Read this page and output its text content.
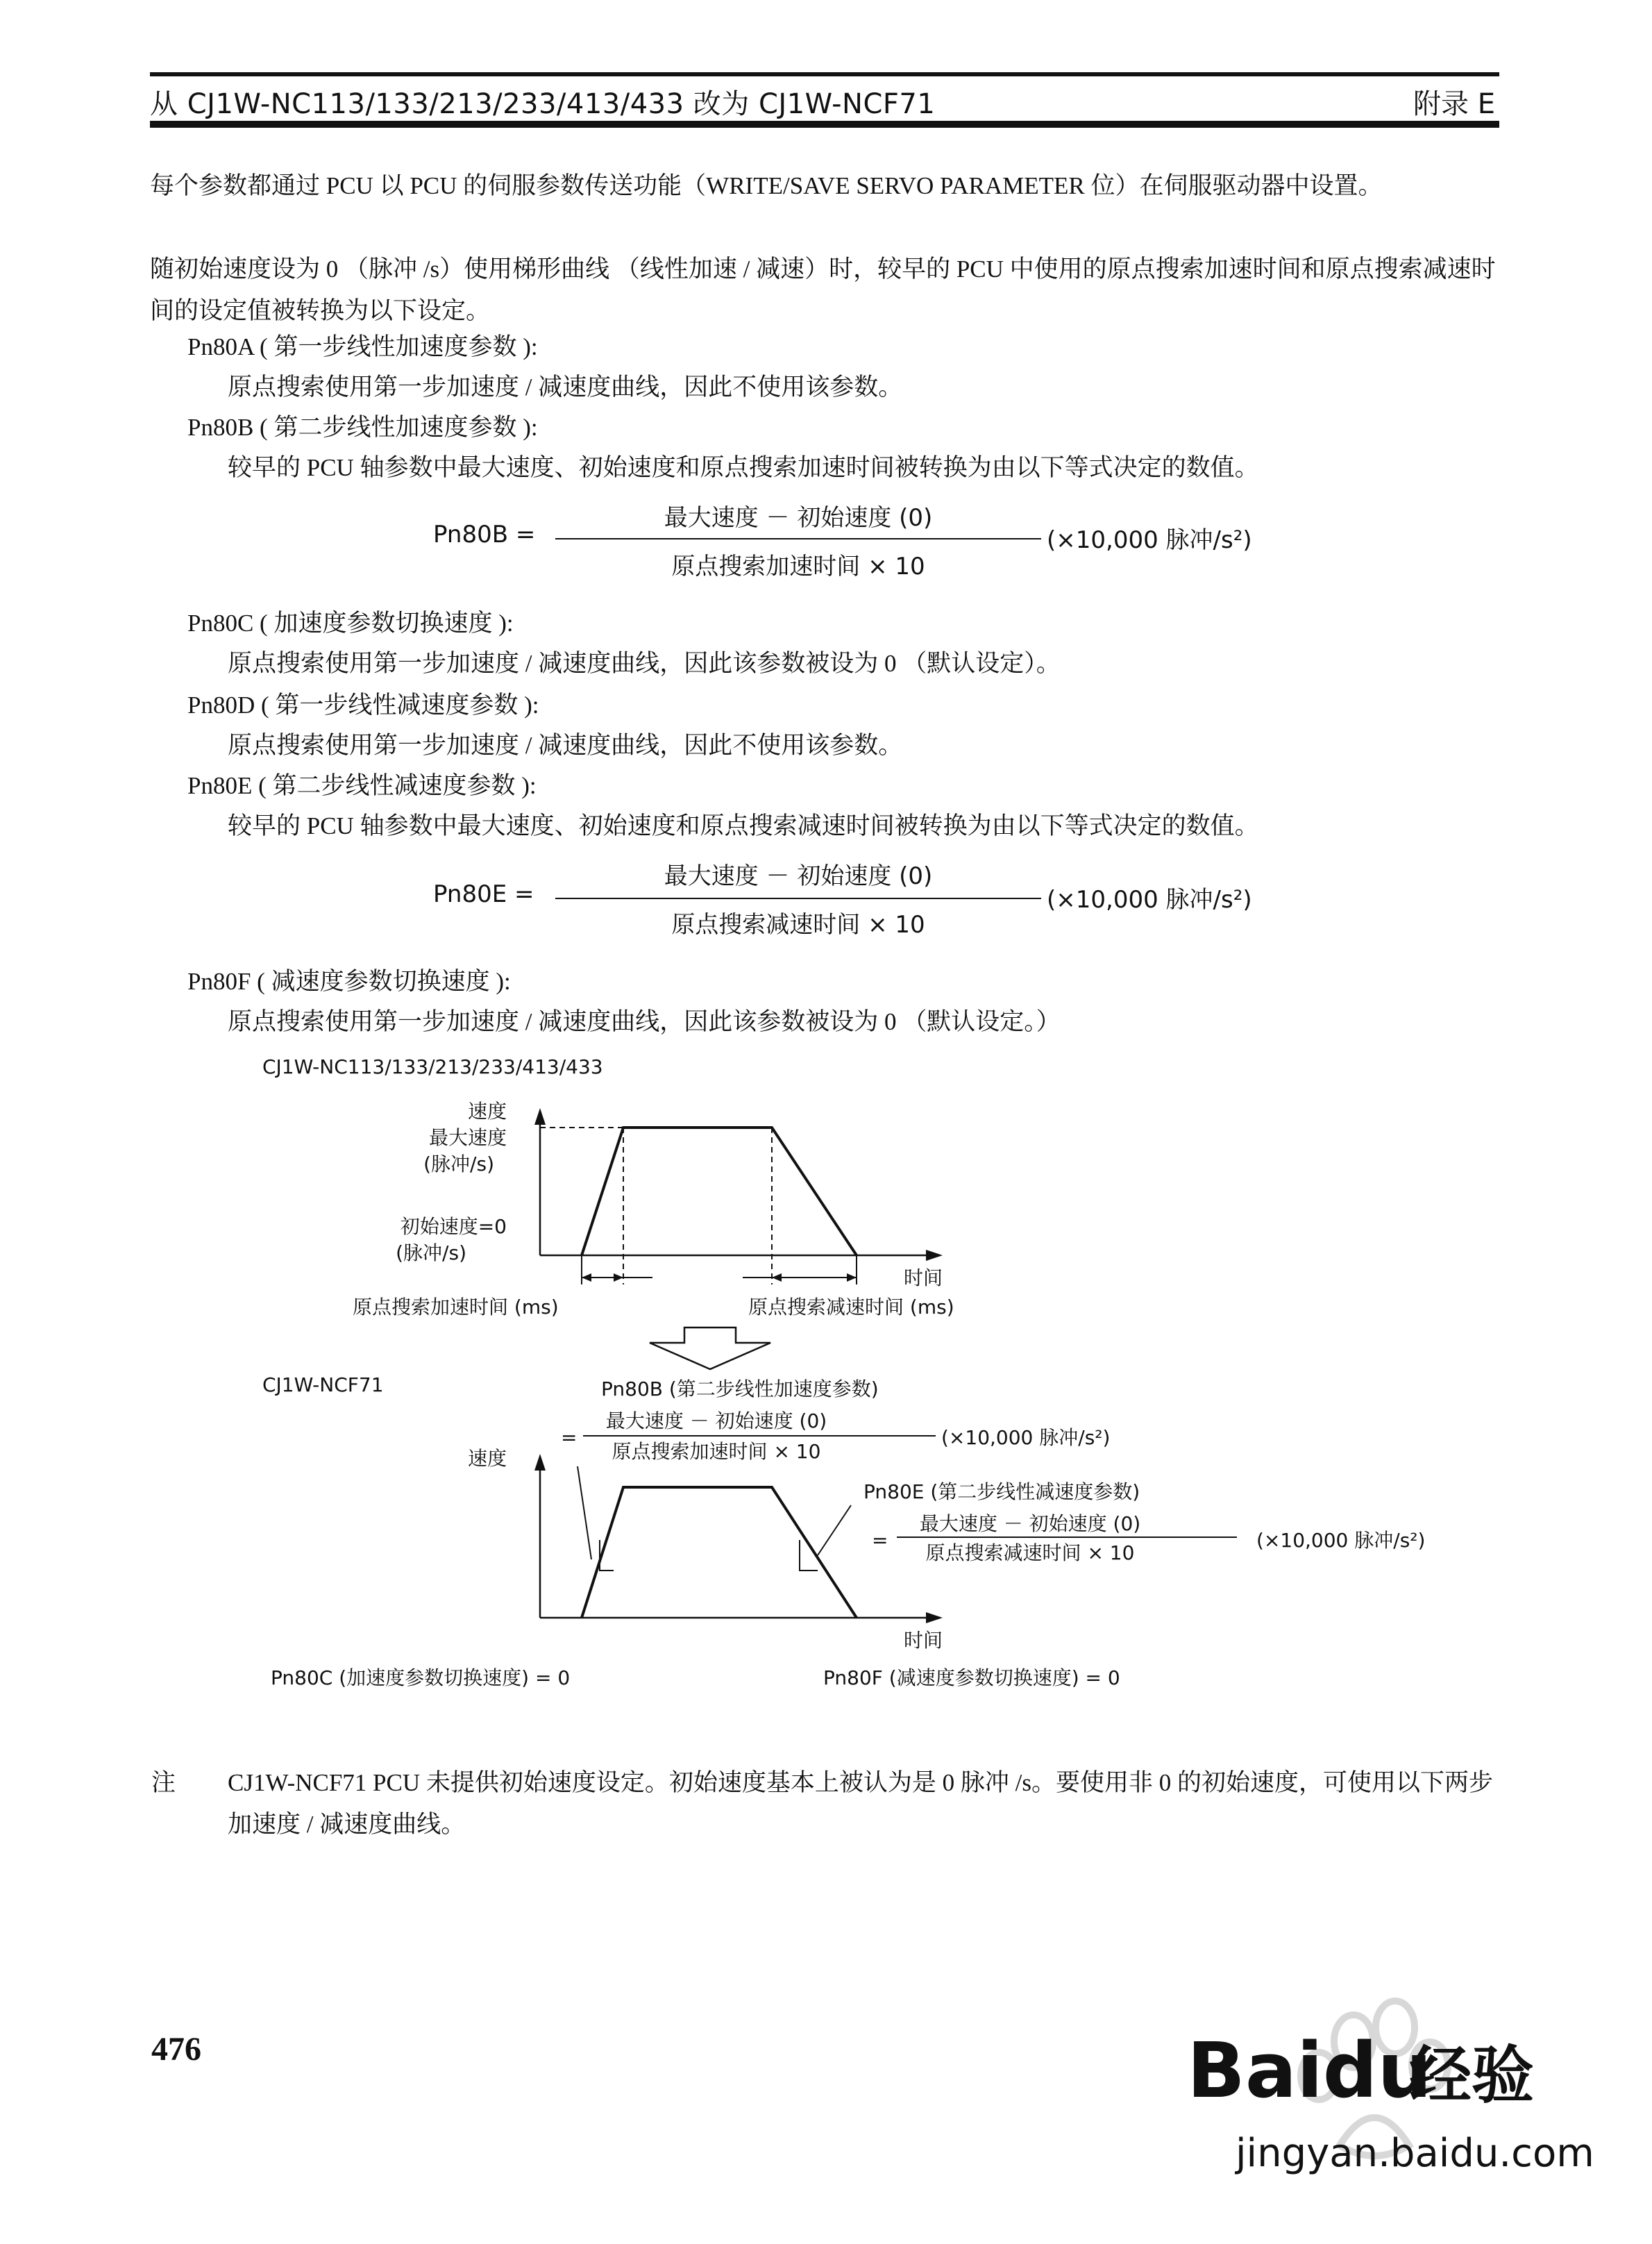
从 CJ1W-NC113/133/213/233/413/433 改为 CJ1W-NCF71	附录 E
每个参数都通过 PCU 以 PCU 的伺服参数传送功能（WRITE/SAVE SERVO PARAMETER 位）在伺服驱动器中设置。
随初始速度设为 0 （脉冲 /s）使用梯形曲线 （线性加速 / 减速）时，较早的 PCU 中使用的原点搜索加速时间和原点搜索减速时间的设定值被转换为以下设定。
Pn80A ( 第一步线性加速度参数 ):
原点搜索使用第一步加速度 / 减速度曲线，因此不使用该参数。
Pn80B ( 第二步线性加速度参数 ):
较早的 PCU 轴参数中最大速度、初始速度和原点搜索加速时间被转换为由以下等式决定的数值。
Pn80B =
最大速度 － 初始速度 (0)
原点搜索加速时间 × 10
(×10,000 脉冲/s²)
Pn80C ( 加速度参数切换速度 ):
原点搜索使用第一步加速度 / 减速度曲线，因此该参数被设为 0 （默认设定）。
Pn80D ( 第一步线性减速度参数 ):
原点搜索使用第一步加速度 / 减速度曲线，因此不使用该参数。
Pn80E ( 第二步线性减速度参数 ):
较早的 PCU 轴参数中最大速度、初始速度和原点搜索减速时间被转换为由以下等式决定的数值。
Pn80E =
最大速度 － 初始速度 (0)
原点搜索减速时间 × 10
(×10,000 脉冲/s²)
Pn80F ( 减速度参数切换速度 ):
原点搜索使用第一步加速度 / 减速度曲线，因此该参数被设为 0 （默认设定。）
CJ1W-NC113/133/213/233/413/433
速度
最大速度
(脉冲/s)
初始速度=0
(脉冲/s)
时间
原点搜索加速时间 (ms)	原点搜索减速时间 (ms)
CJ1W-NCF71
速度
时间
Pn80B (第二步线性加速度参数)
=
最大速度 － 初始速度 (0)
原点搜索加速时间 × 10
(×10,000 脉冲/s²)
Pn80E (第二步线性减速度参数)
=
最大速度 － 初始速度 (0)
原点搜索减速时间 × 10
(×10,000 脉冲/s²)
Pn80C (加速度参数切换速度) = 0	Pn80F (减速度参数切换速度) = 0
注 CJ1W-NCF71 PCU 未提供初始速度设定。初始速度基本上被认为是 0 脉冲 /s。要使用非 0 的初始速度，可使用以下两步加速度 / 减速度曲线。
476	Baidu
经验
jingyan.baidu.com
